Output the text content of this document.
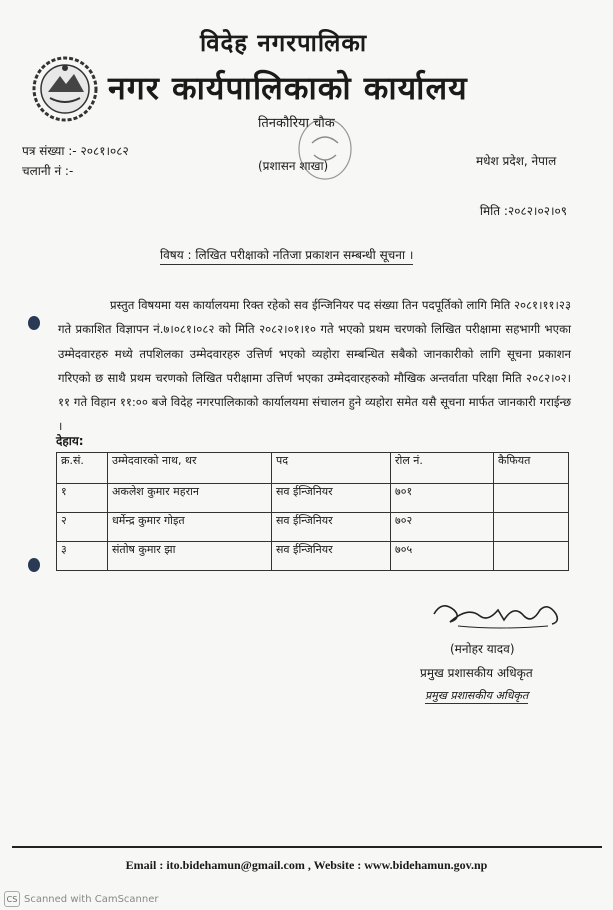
विदेह नगरपालिका
नगर कार्यपालिकाको कार्यालय
तिनकौरिया चौक
(प्रशासन शाखा)
पत्र संख्या :- २०८१।०८२
चलानी नं :-
मधेश प्रदेश, नेपाल
मिति :२०८२।०२।०९
विषय : लिखित परीक्षाको नतिजा प्रकाशन सम्बन्धी सूचना ।
प्रस्तुत विषयमा यस कार्यालयमा रिक्त रहेको सव ईन्जिनियर पद संख्या तिन पदपूर्तिको लागि मिति २०८१।११।२३ गते प्रकाशित विज्ञापन नं.७।०८१।०८२ को मिति २०८२।०१।१० गते भएको प्रथम चरणको लिखित परीक्षामा सहभागी भएका उम्मेदवारहरु मध्ये तपशिलका उम्मेदवारहरु उत्तिर्ण भएको व्यहोरा सम्बन्धित सबैको जानकारीको लागि सूचना प्रकाशन गरिएको छ साथै प्रथम चरणको लिखित परीक्षामा उत्तिर्ण भएका उम्मेदवारहरुको मौखिक अन्तर्वाता परिक्षा मिति २०८२।०२।११ गते विहान ११:०० बजे विदेह नगरपालिकाको कार्यालयमा संचालन हुने व्यहोरा समेत यसै सूचना मार्फत जानकारी गराईन्छ ।
देहाय:
क्र.सं.	उम्मेदवारको नाथ, थर	पद	रोल नं.	कैफियत
१	अकलेश कुमार महरान	सव ईन्जिनियर	७०१	
२	धर्मेन्द्र कुमार गोइत	सव ईन्जिनियर	७०२	
३	संतोष कुमार झा	सव ईन्जिनियर	७०५	
(मनोहर यादव)
प्रमुख प्रशासकीय अधिकृत
प्रमुख प्रशासकीय अधिकृत
Email : ito.bidehamun@gmail.com , Website : www.bidehamun.gov.np
CS Scanned with CamScanner
